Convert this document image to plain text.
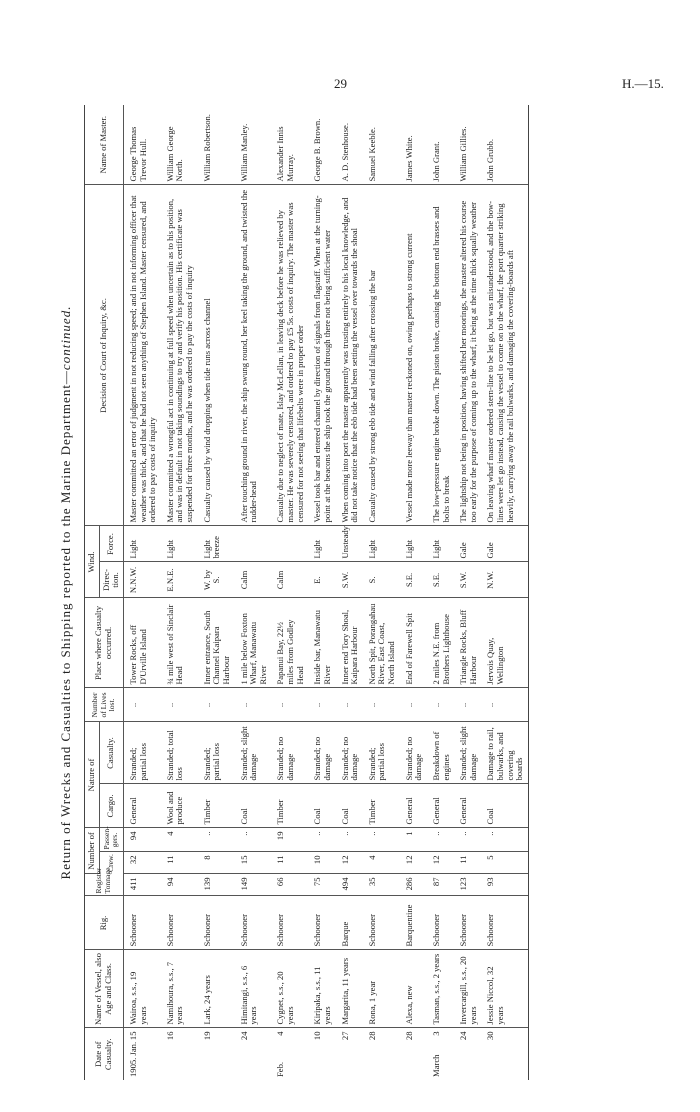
29	H.—15.
Return of Wrecks and Casualties to Shipping reported to the Marine Department—continued.
Date of Casualty.	Name of Vessel, also Age and Class.	Rig.	Register Tonnage.	Number of		Nature of		Number of Lives lost.	Place where Casualty occurred.	Wind.		Decision of Court of Inquiry, &c.	Name of Master.
				Crew.	Passen-gers.	Cargo.	Casualty.			Direc-tion.	Force.		
1905. Jan.
15	Wairoa, s.s., 19 years	Schooner	411	32	94	General	Stranded; partial loss	..	Tower Rocks, off D'Urville Island	N.N.W.	Light	Master committed an error of judgment in not reducing speed; and in not informing officer that weather was thick, and that he had not seen anything of Stephen Island. Master censured, and ordered to pay costs of inquiry	George Thomas Trevor Hull.

16	Namihoura, s.s., 7 years	Schooner	94	11	4	Wool and produce	Stranded; total loss	..	¾ mile west of Sinclair Head	E.N.E.	Light	Master committed a wrongful act in continuing at full speed when uncertain as to his position, and was in default in not taking soundings to try and verify his position. His certificate was suspended for three months, and he was ordered to pay the costs of inquiry	William George North.

19	Lark, 24 years	Schooner	139	8	..	Timber	Stranded; partial loss	..	Inner entrance, South Channel Kaipara Harbour	W. by S.	Light breeze	Casualty caused by wind dropping when tide runs across channel	William Robertson.

24	Himitangi, s.s., 6 years	Schooner	149	15	..	Coal	Stranded; slight damage	..	1 mile below Foxton Wharf, Manawatu River	Calm		After touching ground in river, the ship swung round, her keel taking the ground, and twisted the rudder-head	William Manley.
Feb.
4	Cygnet, s.s., 20 years	Schooner	66	11	19	Timber	Stranded; no damage	..	Papanui Bay, 22½ miles from Godley Head	Calm		Casualty due to neglect of mate, Islay McLellan, in leaving deck before he was relieved by master. He was severely censured, and ordered to pay £5 5s. costs of inquiry. The master was censured for not seeing that lifebelts were in proper order	Alexander Innis Murray.

10	Kiripaka, s.s., 11 years	Schooner	75	10	..	Coal	Stranded; no damage	..	Inside bar, Manawatu River	E.	Light	Vessel took bar and entered channel by direction of signals from flagstaff. When at the turning-point at the beacons the ship took the ground through there not being sufficient water	George B. Brown.

27	Margarita, 11 years	Barque	494	12	..	Coal	Stranded; no damage	..	Inner end Tory Shoal, Kaipara Harbour	S.W.	Unsteady	When coming into port the master apparently was trusting entirely to his local knowledge, and did not take notice that the ebb tide had been setting the vessel over towards the shoal	A. D. Stenhouse.

28	Rona, 1 year	Schooner	35	4	..	Timber	Stranded; partial loss	..	North Spit, Porangahau River, East Coast, North Island	S.	Light	Casualty caused by strong ebb tide and wind falling after crossing the bar	Samuel Keeble.

28	Alexa, new	Barquentine	286	12	1	General	Stranded; no damage	..	End of Farewell Spit	S.E.	Light	Vessel made more leeway than master reckoned on, owing perhaps to strong current	James White.
March
3	Tasman, s.s., 2 years	Schooner	87	12	..	General	Breakdown of engines	..	2 miles N.E. from Brothers Lighthouse	S.E.	Light	The low-pressure engine broke down. The piston broke, causing the bottom end brasses and bolts to break	John Grant.

24	Invercargill, s.s., 20 years	Schooner	123	11	..	General	Stranded; slight damage	..	Triangle Rocks, Bluff Harbour	S.W.	Gale	The lightship not being in position, having shifted her moorings, the master altered his course too early for the purpose of coming up to the wharf, it being at the time thick squally weather	William Gillies.

30	Jessie Niccol, 32 years	Schooner	93	5	..	Coal	Damage to rail, bulwarks, and covering boards	..	Jervois Quay, Wellington	N.W.	Gale	On leaving wharf master ordered stern-line to be let go, but was misunderstood, and the bow-lines were let go instead, causing the vessel to come on to the wharf, the port quarter striking heavily, carrying away the rail bulwarks, and damaging the covering-boards aft	John Grubb.
